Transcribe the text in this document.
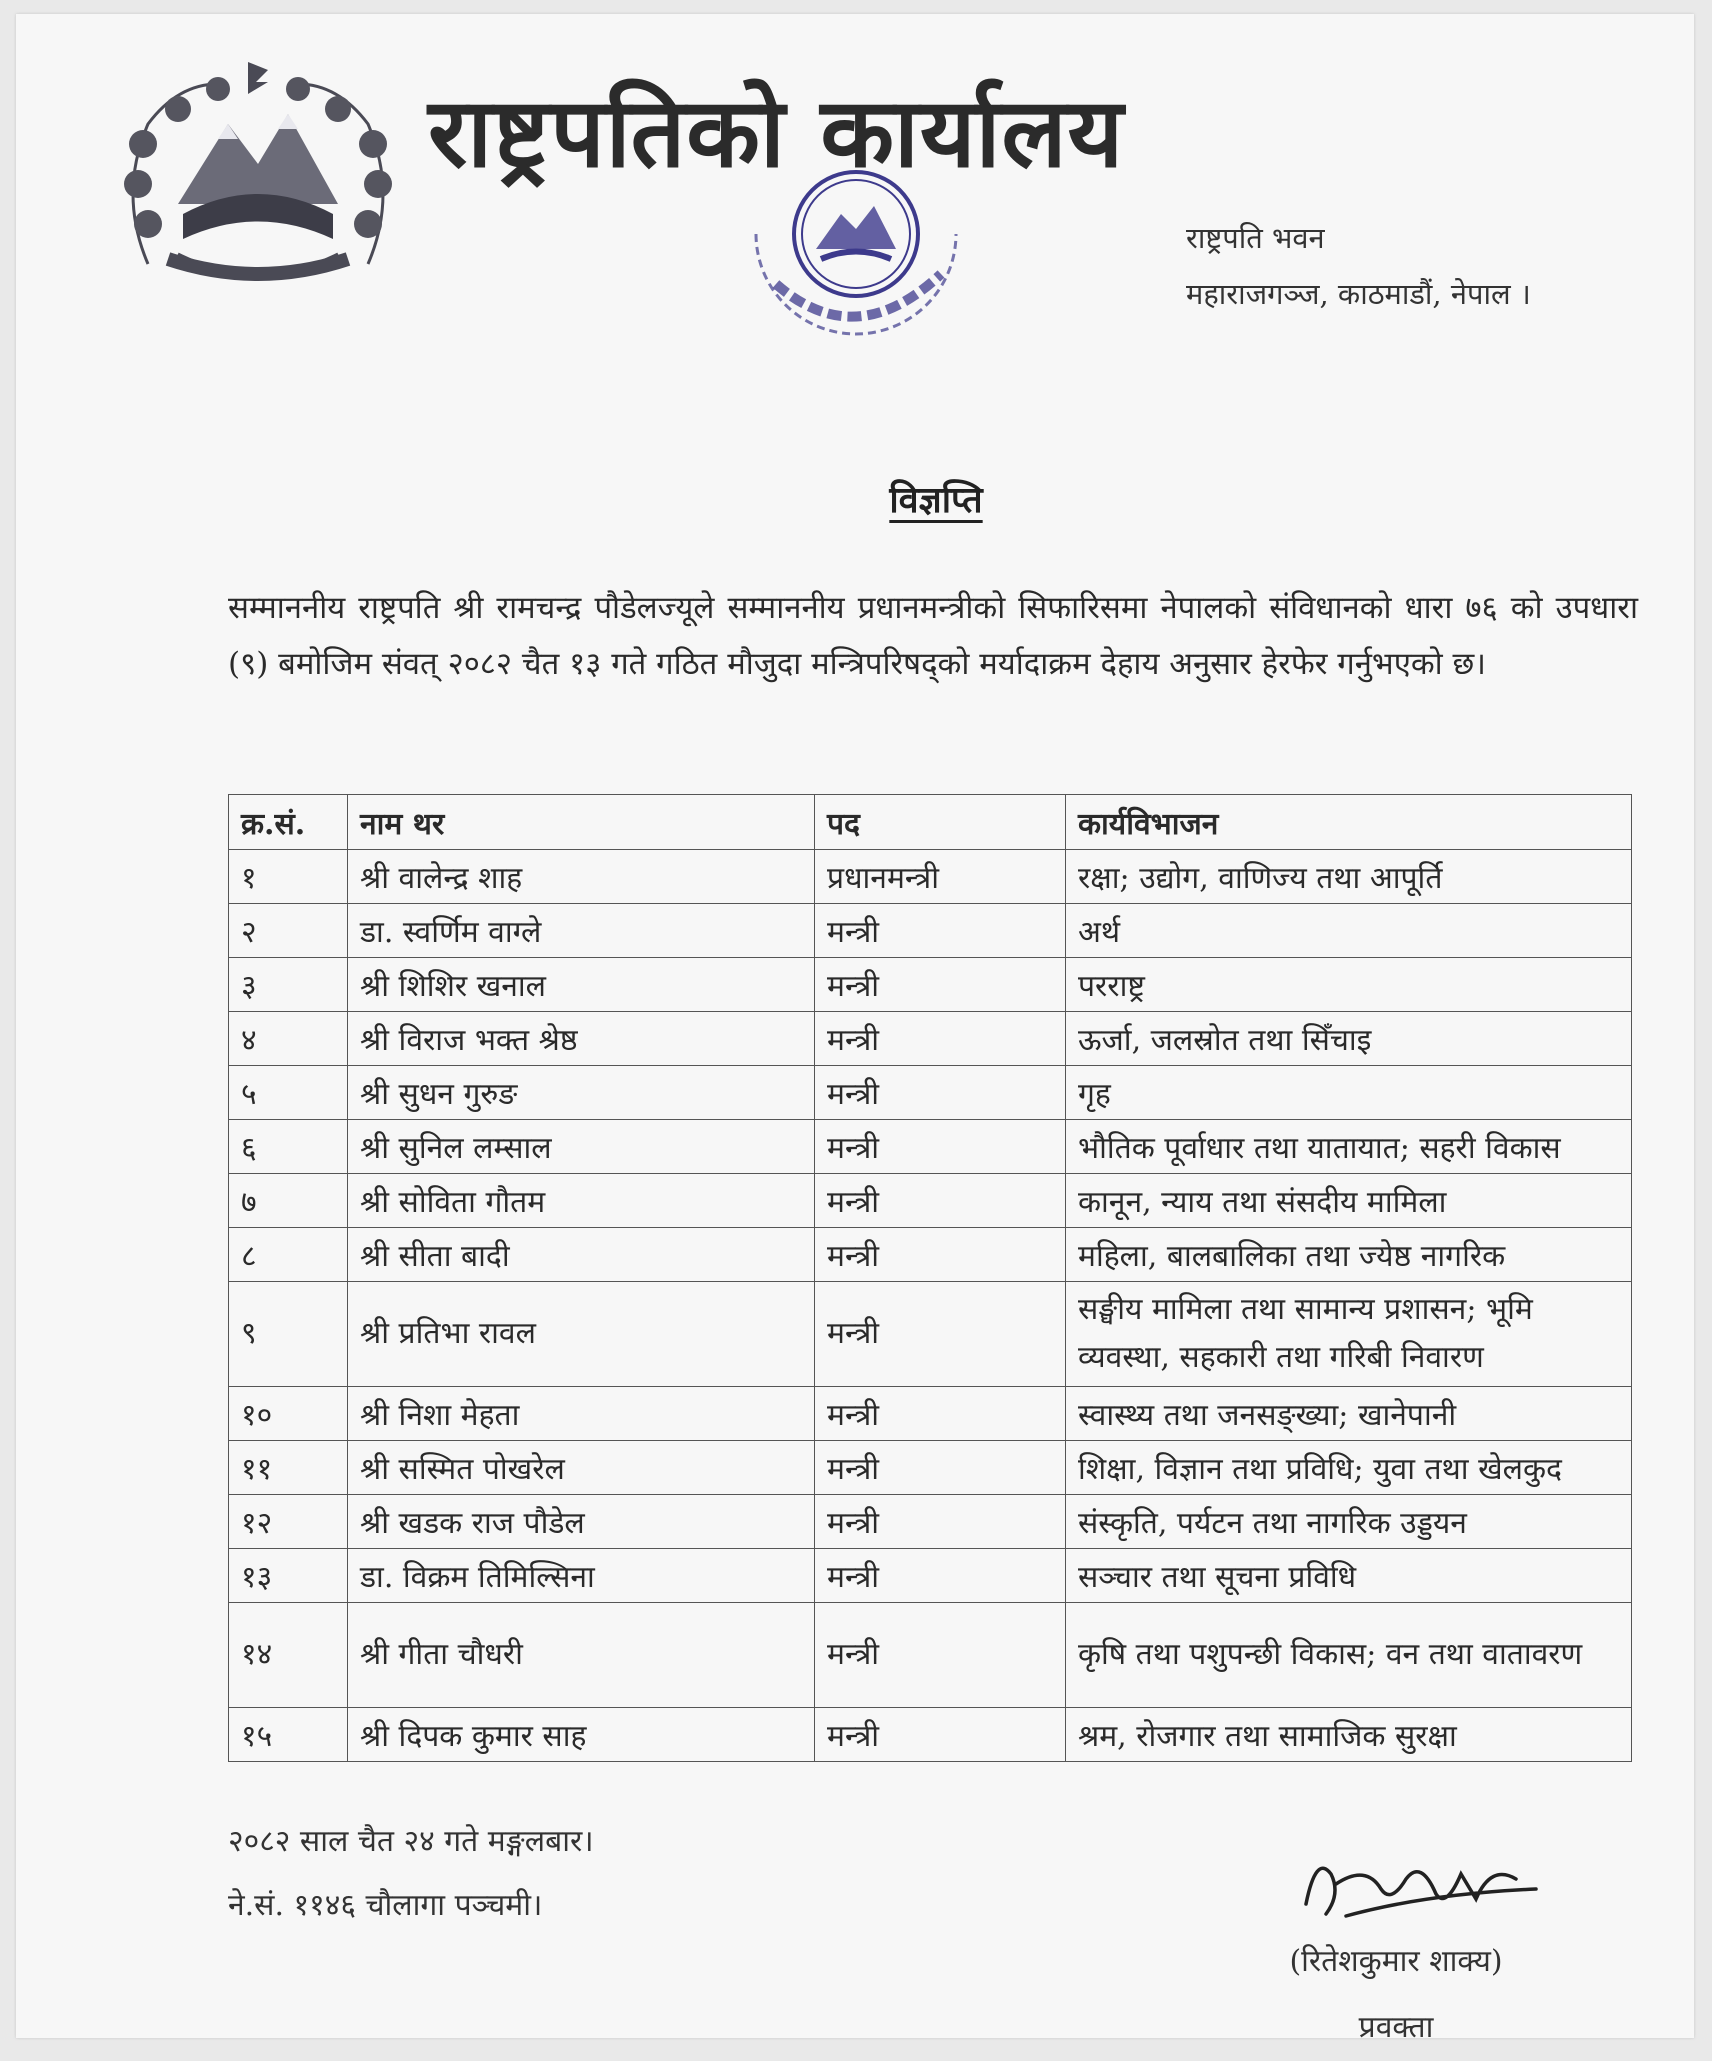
राष्ट्रपतिको कार्यालय
राष्ट्रपति भवन
महाराजगञ्ज, काठमाडौं, नेपाल ।
विज्ञप्ति

सम्माननीय राष्ट्रपति श्री रामचन्द्र पौडेलज्यूले सम्माननीय प्रधानमन्त्रीको सिफारिसमा नेपालको संविधानको धारा ७६ को उपधारा (९) बमोजिम संवत् २०८२ चैत १३ गते गठित मौजुदा मन्त्रिपरिषद्को मर्यादाक्रम देहाय अनुसार हेरफेर गर्नुभएको छ।

क्र.सं.	नाम थर	पद	कार्यविभाजन
१	श्री वालेन्द्र शाह	प्रधानमन्त्री	रक्षा; उद्योग, वाणिज्य तथा आपूर्ति
२	डा. स्वर्णिम वाग्ले	मन्त्री	अर्थ
३	श्री शिशिर खनाल	मन्त्री	परराष्ट्र
४	श्री विराज भक्त श्रेष्ठ	मन्त्री	ऊर्जा, जलस्रोत तथा सिँचाइ
५	श्री सुधन गुरुङ	मन्त्री	गृह
६	श्री सुनिल लम्साल	मन्त्री	भौतिक पूर्वाधार तथा यातायात; सहरी विकास
७	श्री सोविता गौतम	मन्त्री	कानून, न्याय तथा संसदीय मामिला
८	श्री सीता बादी	मन्त्री	महिला, बालबालिका तथा ज्येष्ठ नागरिक
९	श्री प्रतिभा रावल	मन्त्री	सङ्घीय मामिला तथा सामान्य प्रशासन; भूमि व्यवस्था, सहकारी तथा गरिबी निवारण
१०	श्री निशा मेहता	मन्त्री	स्वास्थ्य तथा जनसङ्ख्या; खानेपानी
११	श्री सस्मित पोखरेल	मन्त्री	शिक्षा, विज्ञान तथा प्रविधि; युवा तथा खेलकुद
१२	श्री खडक राज पौडेल	मन्त्री	संस्कृति, पर्यटन तथा नागरिक उड्डयन
१३	डा. विक्रम तिमिल्सिना	मन्त्री	सञ्चार तथा सूचना प्रविधि
१४	श्री गीता चौधरी	मन्त्री	कृषि तथा पशुपन्छी विकास; वन तथा वातावरण
१५	श्री दिपक कुमार साह	मन्त्री	श्रम, रोजगार तथा सामाजिक सुरक्षा
२०८२ साल चैत २४ गते मङ्गलबार।
ने.सं. ११४६ चौलागा पञ्चमी।
(रितेशकुमार शाक्य)
प्रवक्ता
